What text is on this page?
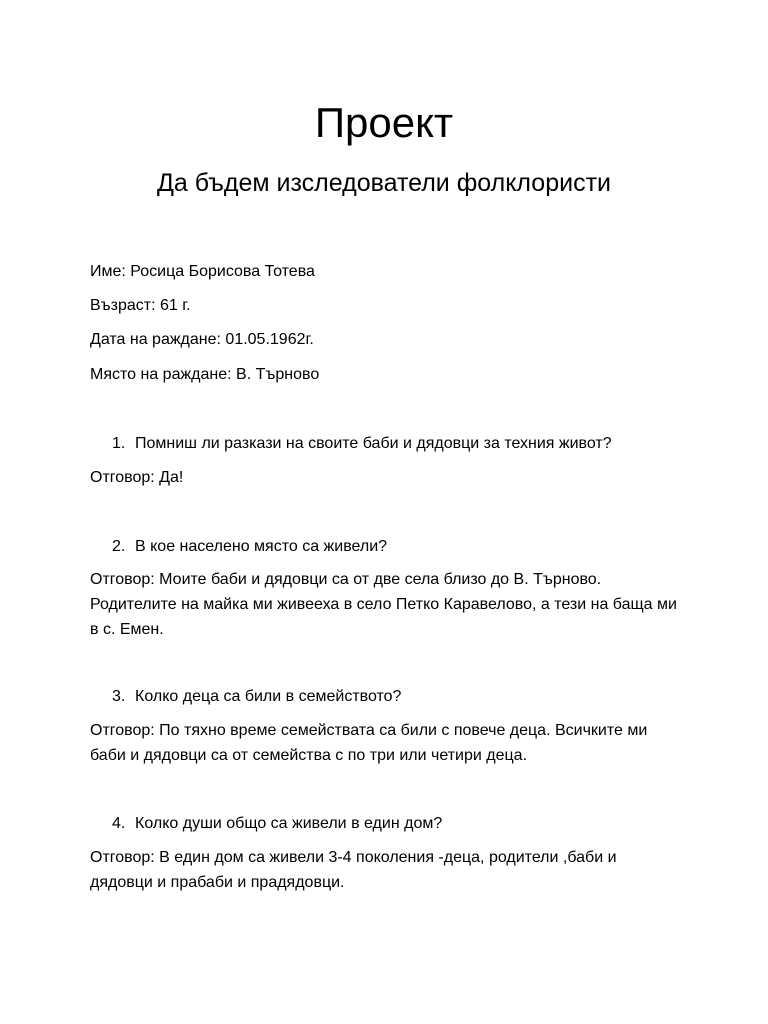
Проект
Да бъдем изследователи фолклористи

Име: Росица Борисова Тотева

Възраст: 61 г.

Дата на раждане: 01.05.1962г.

Място на раждане: В. Търново

1. Помниш ли разкази на своите баби и дядовци за техния живот?

Отговор: Да!

2. В кое населено място са живели?

Отговор: Моите баби и дядовци са от две села близо до В. Търново.

Родителите на майка ми живееха в село Петко Каравелово, а тези на баща ми

в с. Емен.

3. Колко деца са били в семейството?

Отговор: По тяхно време семействата са били с повече деца. Всичките ми

баби и дядовци са от семейства с по три или четири деца.

4. Колко души общо са живели в един дом?

Отговор: В един дом са живели 3-4 поколения -деца, родители ,баби и

дядовци и прабаби и прадядовци.
